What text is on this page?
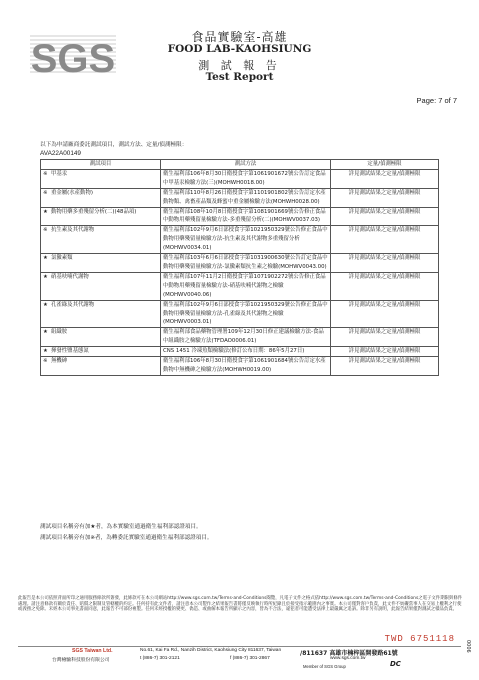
SGS	食品實驗室-高雄
FOOD LAB-KAOHSIUNG
測 試 報 告
Test Report
Page: 7 of 7
以下為申請廠商委託測試項目，測試方法、定量/偵測極限：
AVA22A00149
測試項目	測試方法	定量/偵測極限
※ 甲基汞	衛生福利部106年8月30日衛授食字第1061901672號公告訂定食品中甲基汞檢驗方法(三)(MOHWH0018.00)	詳見測試結果之定量/偵測極限
※ 重金屬(水產動物)	衛生福利部110年8月26日衛授食字第1101901802號公告訂定水產動物類、禽畜產品類及蜂蜜中重金屬檢驗方法(MOHWH0028.00)	詳見測試結果之定量/偵測極限
★ 動物用藥多重殘留分析(二)(48品項)	衛生福利部108年10月8日衛授食字第1081901669號公告修正食品中動物用藥殘留量檢驗方法-多重殘留分析(二)(MOHWV0037.03)	詳見測試結果之定量/偵測極限
※ 抗生素及其代謝物	衛生福利部102年9月6日部授食字第1021950329號公告修正食品中動物用藥殘留量檢驗方法-抗生素及其代謝物多重殘留分析(MOHWV0034.01)	詳見測試結果之定量/偵測極限
★ 氯黴素類	衛生福利部103年6月6日部授食字第1031900630號公告訂定食品中動物用藥殘留量檢驗方法-氯黴素類抗生素之檢驗(MOHWV0043.00)	詳見測試結果之定量/偵測極限
★ 硝基呋喃代謝物	衛生福利部107年11月2日衛授食字第1071902272號公告修正食品中動物用藥殘留量檢驗方法-硝基呋喃代謝物之檢驗(MOHWV0040.06)	詳見測試結果之定量/偵測極限
★ 孔雀綠及其代謝物	衛生福利部102年9月6日部授食字第1021950329號公告修正食品中動物用藥殘留量檢驗方法-孔雀綠及其代謝物之檢驗(MOHWV0003.01)	詳見測試結果之定量/偵測極限
★ 組織胺	衛生福利部食品藥物管理署109年12月30日修正建議檢驗方法-食品中組織胺之檢驗方法(TFDAO0006.01)	詳見測試結果之定量/偵測極限
★ 揮發性鹽基態氮	CNS 1451 冷凍魚類檢驗法(修訂公布日期：86年5月27日)	詳見測試結果之定量/偵測極限
※ 無機砷	衛生福利部106年8月30日衛授食字第1061901684號公告訂定水產動物中無機砷之檢驗方法(MOHWH0019.00)	詳見測試結果之定量/偵測極限
測試項目名稱旁有加★者，為本實驗室通過衛生福利部認證項目。
測試項目名稱旁有加※者，為轉委託實驗室通過衛生福利部認證項目。
此報告是本公司依照背面所印之通用服務條款所簽發，此條款可在本公司網站http://www.sgs.com.tw/Terms-and-Conditions閱覽，凡電子文件之格式依http://www.sgs.com.tw/Terms-and-Conditions之電子文件期限與條件處理。請注意條款有關於責任、賠償之限制及管轄權的約定。任何持有此文件者，請注意本公司製作之結果報告書將僅反映執行時所紀錄且於接受指示範圍內之事實。本公司僅對客戶負責，此文件不妨礙當事人在交易上權利之行使或義務之免除。未經本公司事先書面同意，此報告不可部份複製。任何未經授權的變更、偽造、或曲解本報告所顯示之內容，皆為不合法，違犯者可能遭受法律上最嚴厲之追訴。除非另有說明，此報告結果僅對測試之樣品負責。
TWD 6751118
0006
SGS Taiwan Ltd.
台灣檢驗科技股份有限公司
No.61, Kai Fa Rd., Nanzih District, Kaohsiung City 811637, Taiwan	/811637 高雄市楠梓區開發路61號
t (886-7) 301-2121	f (886-7) 301-2867	www.sgs.com.tw
Member of SGS Group	DC
